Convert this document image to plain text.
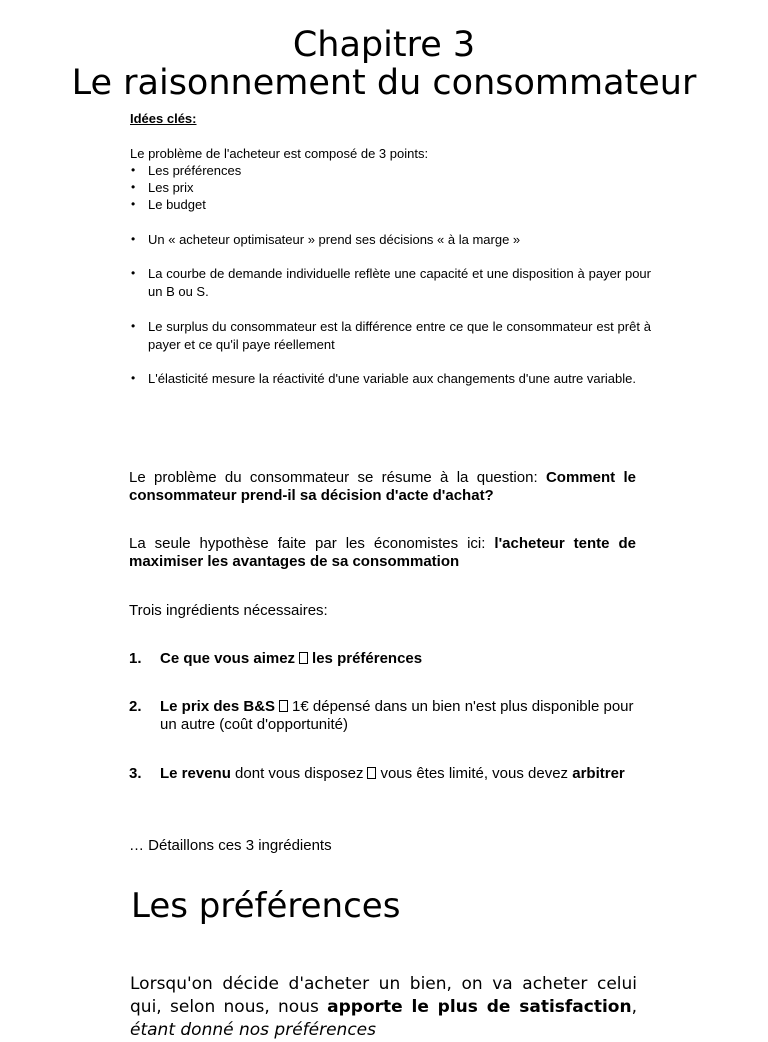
Chapitre 3
Le raisonnement du consommateur
Idées clés:
Le problème de l'acheteur est composé de 3 points:
• Les préférences
• Les prix
• Le budget
• Un « acheteur optimisateur » prend ses décisions « à la marge »
• La courbe de demande individuelle reflète une capacité et une disposition à payer pour un B ou S.
• Le surplus du consommateur est la différence entre ce que le consommateur est prêt à payer et ce qu'il paye réellement
• L'élasticité mesure la réactivité d'une variable aux changements d'une autre variable.
Le problème du consommateur se résume à la question: Comment le consommateur prend-il sa décision d'acte d'achat?
La seule hypothèse faite par les économistes ici: l'acheteur tente de maximiser les avantages de sa consommation
Trois ingrédients nécessaires:
1. Ce que vous aimez les préférences
2. Le prix des B&S 1€ dépensé dans un bien n'est plus disponible pour un autre (coût d'opportunité)
3. Le revenu dont vous disposez vous êtes limité, vous devez arbitrer
… Détaillons ces 3 ingrédients
Les préférences
Lorsqu'on décide d'acheter un bien, on va acheter celui qui, selon nous, nous apporte le plus de satisfaction, étant donné nos préférences
